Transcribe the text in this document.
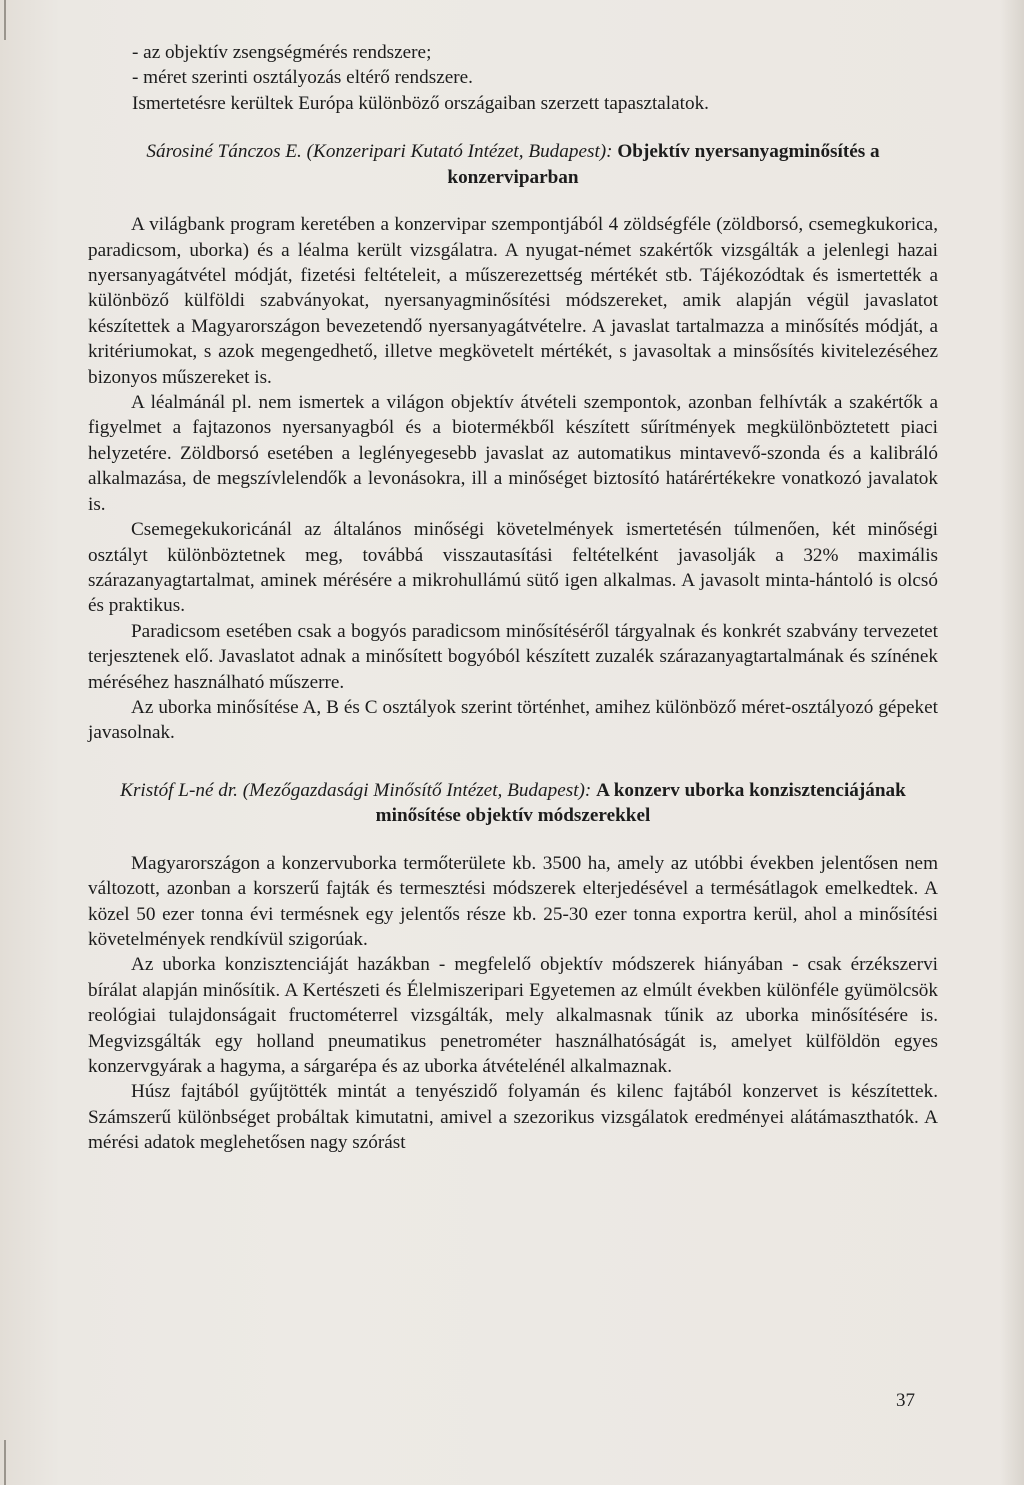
- az objektív zsengségmérés rendszere;

- méret szerinti osztályozás eltérő rendszere.

Ismertetésre kerültek Európa különböző országaiban szerzett tapasztalatok.

Sárosiné Tánczos E. (Konzeripari Kutató Intézet, Budapest): Objektív nyersanyagminősítés a konzerviparban

A világbank program keretében a konzervipar szempontjából 4 zöldségféle (zöldborsó, csemegkukorica, paradicsom, uborka) és a léalma került vizsgálatra. A nyugat-német szakértők vizsgálták a jelenlegi hazai nyersanyagátvétel módját, fizetési feltételeit, a műszerezettség mértékét stb. Tájékozódtak és ismertették a különböző külföldi szabványokat, nyersanyagminősítési módszereket, amik alapján végül javaslatot készítettek a Magyarországon bevezetendő nyersanyagátvételre. A javaslat tartalmazza a minősítés módját, a kritériumokat, s azok megengedhető, illetve megkövetelt mértékét, s javasoltak a minsősítés kivitelezéséhez bizonyos műszereket is.

A léalmánál pl. nem ismertek a világon objektív átvételi szempontok, azonban felhívták a szakértők a figyelmet a fajtazonos nyersanyagból és a biotermékből készített sűrítmények megkülönböztetett piaci helyzetére. Zöldborsó esetében a leglényegesebb javaslat az automatikus mintavevő-szonda és a kalibráló alkalmazása, de megszívlelendők a levonásokra, ill a minőséget biztosító határértékekre vonatkozó javalatok is.

Csemegekukoricánál az általános minőségi követelmények ismertetésén túlmenően, két minőségi osztályt különböztetnek meg, továbbá visszautasítási feltételként javasolják a 32% maximális szárazanyagtartalmat, aminek mérésére a mikrohullámú sütő igen alkalmas. A javasolt minta-hántoló is olcsó és praktikus.

Paradicsom esetében csak a bogyós paradicsom minősítéséről tárgyalnak és konkrét szabvány tervezetet terjesztenek elő. Javaslatot adnak a minősített bogyóból készített zuzalék szárazanyagtartalmának és színének méréséhez használható műszerre.

Az uborka minősítése A, B és C osztályok szerint történhet, amihez különböző méret-osztályozó gépeket javasolnak.

Kristóf L-né dr. (Mezőgazdasági Minősítő Intézet, Budapest): A konzerv uborka konzisztenciájának minősítése objektív módszerekkel

Magyarországon a konzervuborka termőterülete kb. 3500 ha, amely az utóbbi években jelentősen nem változott, azonban a korszerű fajták és termesztési módszerek elterjedésével a termésátlagok emelkedtek. A közel 50 ezer tonna évi termésnek egy jelentős része kb. 25-30 ezer tonna exportra kerül, ahol a minősítési követelmények rendkívül szigorúak.

Az uborka konzisztenciáját hazákban - megfelelő objektív módszerek hiányában - csak érzékszervi bírálat alapján minősítik. A Kertészeti és Élelmiszeripari Egyetemen az elmúlt években különféle gyümölcsök reológiai tulajdonságait fructométerrel vizsgálták, mely alkalmasnak tűnik az uborka minősítésére is. Megvizsgálták egy holland pneumatikus penetrométer használhatóságát is, amelyet külföldön egyes konzervgyárak a hagyma, a sárgarépa és az uborka átvételénél alkalmaznak.

Húsz fajtából gyűjtötték mintát a tenyészidő folyamán és kilenc fajtából konzervet is készítettek. Számszerű különbséget probáltak kimutatni, amivel a szezorikus vizsgálatok eredményei alátámaszthatók. A mérési adatok meglehetősen nagy szórást

37
